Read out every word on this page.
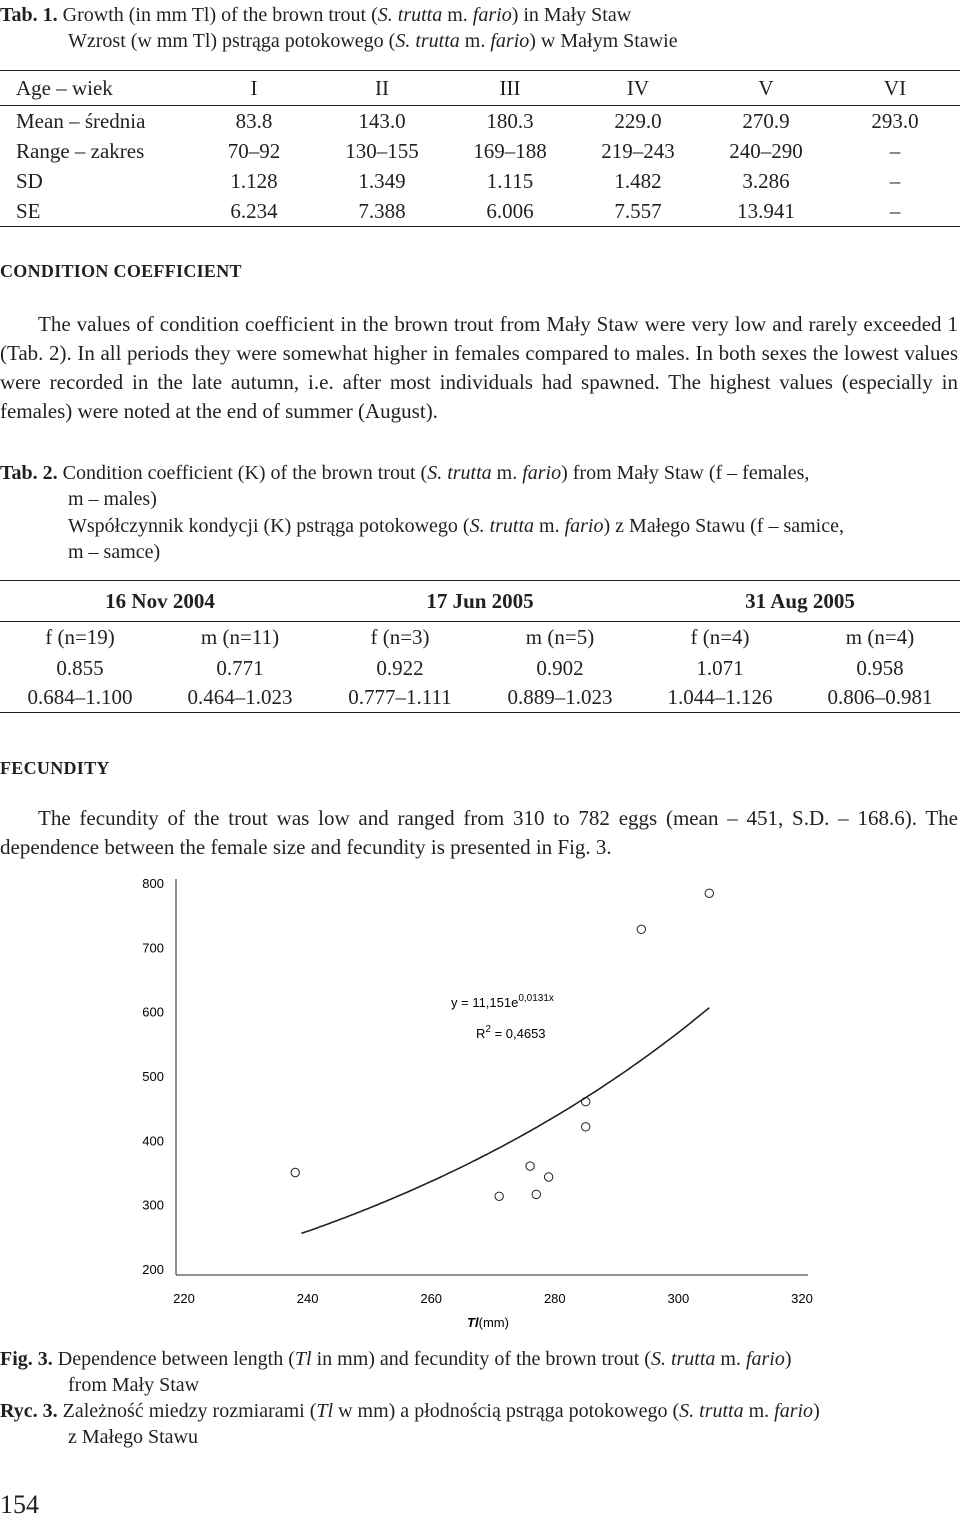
Tab. 1. Growth (in mm Tl) of the brown trout (S. trutta m. fario) in Mały Staw
Wzrost (w mm Tl) pstrąga potokowego (S. trutta m. fario) w Małym Stawie
Age – wiek	I	II	III	IV	V	VI
Mean – średnia	83.8	143.0	180.3	229.0	270.9	293.0
Range – zakres	70–92	130–155	169–188	219–243	240–290	–
SD	1.128	1.349	1.115	1.482	3.286	–
SE	6.234	7.388	6.006	7.557	13.941	–
CONDITION COEFFICIENT
The values of condition coefficient in the brown trout from Mały Staw were very low and rarely exceeded 1 (Tab. 2). In all periods they were somewhat higher in females compared to males. In both sexes the lowest values were recorded in the late autumn, i.e. after most individuals had spawned. The highest values (especially in females) were noted at the end of summer (August).
Tab. 2. Condition coefficient (K) of the brown trout (S. trutta m. fario) from Mały Staw (f – females,
m – males)
Współczynnik kondycji (K) pstrąga potokowego (S. trutta m. fario) z Małego Stawu (f – samice,
m – samce)
16 Nov 2004		17 Jun 2005		31 Aug 2005	
f (n=19)	m (n=11)	f (n=3)	m (n=5)	f (n=4)	m (n=4)
0.855	0.771	0.922	0.902	1.071	0.958
0.684–1.100	0.464–1.023	0.777–1.111	0.889–1.023	1.044–1.126	0.806–0.981
FECUNDITY
The fecundity of the trout was low and ranged from 310 to 782 eggs (mean – 451, S.D. – 168.6). The dependence between the female size and fecundity is presented in Fig. 3.
800
700
600
500
400
300
200
220	240	260	280	300	320
$y = 11,151e^{0,0131x}$
$R^2 = 0,4653$
Tl(mm)
Fig. 3. Dependence between length (Tl in mm) and fecundity of the brown trout (S. trutta m. fario)
from Mały Staw
Ryc. 3. Zależność miedzy rozmiarami (Tl w mm) a płodnością pstrąga potokowego (S. trutta m. fario)
z Małego Stawu
154
